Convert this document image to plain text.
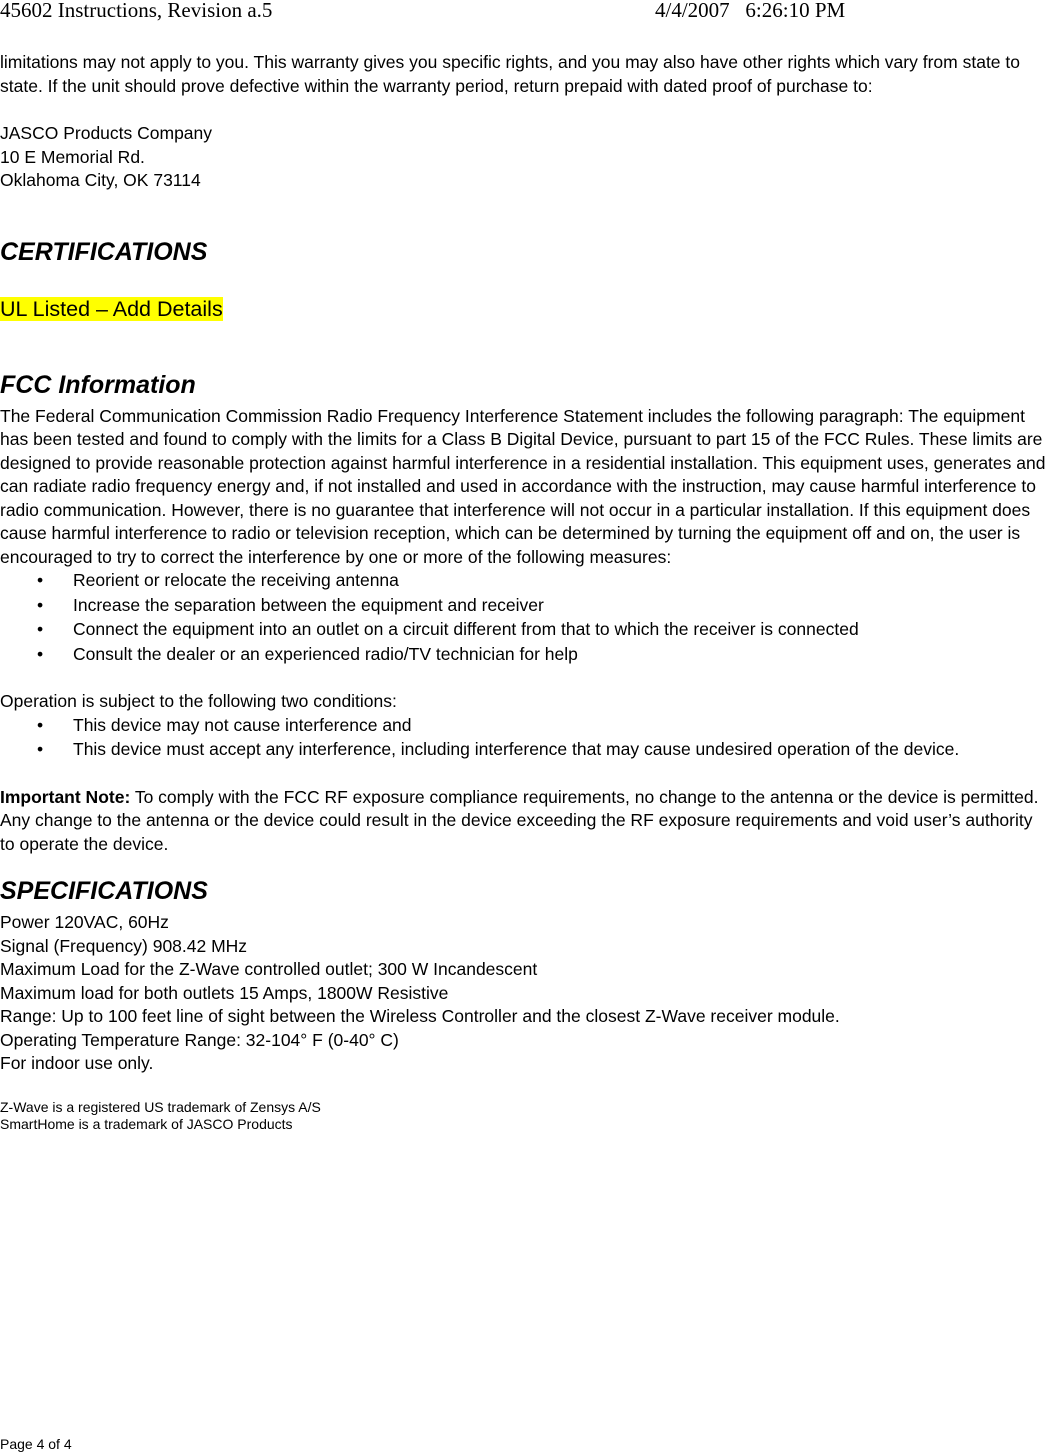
45602 Instructions, Revision a.5	4/4/2007   6:26:10 PM

limitations may not apply to you. This warranty gives you specific rights, and you may also have other rights which vary from state to state. If the unit should prove defective within the warranty period, return prepaid with dated proof of purchase to:

JASCO Products Company

10 E Memorial Rd.

Oklahoma City, OK 73114

CERTIFICATIONS

UL Listed – Add Details

FCC Information

The Federal Communication Commission Radio Frequency Interference Statement includes the following paragraph: The equipment has been tested and found to comply with the limits for a Class B Digital Device, pursuant to part 15 of the FCC Rules. These limits are designed to provide reasonable protection against harmful interference in a residential installation. This equipment uses, generates and can radiate radio frequency energy and, if not installed and used in accordance with the instruction, may cause harmful interference to radio communication. However, there is no guarantee that interference will not occur in a particular installation. If this equipment does cause harmful interference to radio or television reception, which can be determined by turning the equipment off and on, the user is encouraged to try to correct the interference by one or more of the following measures:

• Reorient or relocate the receiving antenna
• Increase the separation between the equipment and receiver
• Connect the equipment into an outlet on a circuit different from that to which the receiver is connected
• Consult the dealer or an experienced radio/TV technician for help

Operation is subject to the following two conditions:

• This device may not cause interference and
• This device must accept any interference, including interference that may cause undesired operation of the device.

Important Note: To comply with the FCC RF exposure compliance requirements, no change to the antenna or the device is permitted. Any change to the antenna or the device could result in the device exceeding the RF exposure requirements and void user’s authority to operate the device.

SPECIFICATIONS

Power 120VAC, 60Hz

Signal (Frequency) 908.42 MHz

Maximum Load for the Z-Wave controlled outlet; 300 W Incandescent

Maximum load for both outlets 15 Amps, 1800W Resistive

Range: Up to 100 feet line of sight between the Wireless Controller and the closest Z-Wave receiver module.

Operating Temperature Range: 32-104° F (0-40° C)

For indoor use only.

Z-Wave is a registered US trademark of Zensys A/S

SmartHome is a trademark of JASCO Products

Page 4 of 4
